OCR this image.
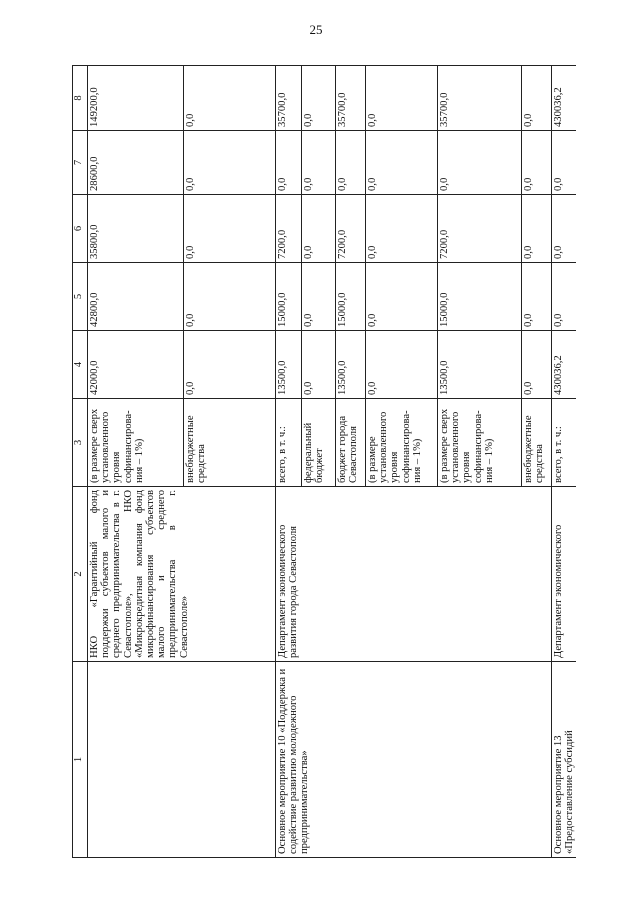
25
1	2	3	4	5	6	7	8
	НКО «Гарантийный фонд поддержки субъектов малого и среднего предпринимательства в г. Севастополе», НКО «Микрокредитная компания фонд микрофинансирования субъектов малого и среднего предпринимательства в г. Севастополе»	(в размере сверх установленного уровня софинансирова-ния – 1%)	42000,0	42800,0	35800,0	28600,0	149200,0
		внебюджетные средства	0,0	0,0	0,0	0,0	0,0
Основное мероприятие 10 «Поддержка и содействие развитию молодежного предпринимательства»	Департамент экономического развития города Севастополя	всего, в т. ч.:	13500,0	15000,0	7200,0	0,0	35700,0
		федеральный бюджет	0,0	0,0	0,0	0,0	0,0
		бюджет города Севастополя	13500,0	15000,0	7200,0	0,0	35700,0
		(в размере установленного уровня софинансирова-ния – 1%)	0,0	0,0	0,0	0,0	0,0
		(в размере сверх установленного уровня софинансирова-ния – 1%)	13500,0	15000,0	7200,0	0,0	35700,0
		внебюджетные средства	0,0	0,0	0,0	0,0	0,0
Основное мероприятие 13 «Предоставление субсидий	Департамент экономического	всего, в т. ч.:	430036,2	0,0	0,0	0,0	430036,2
